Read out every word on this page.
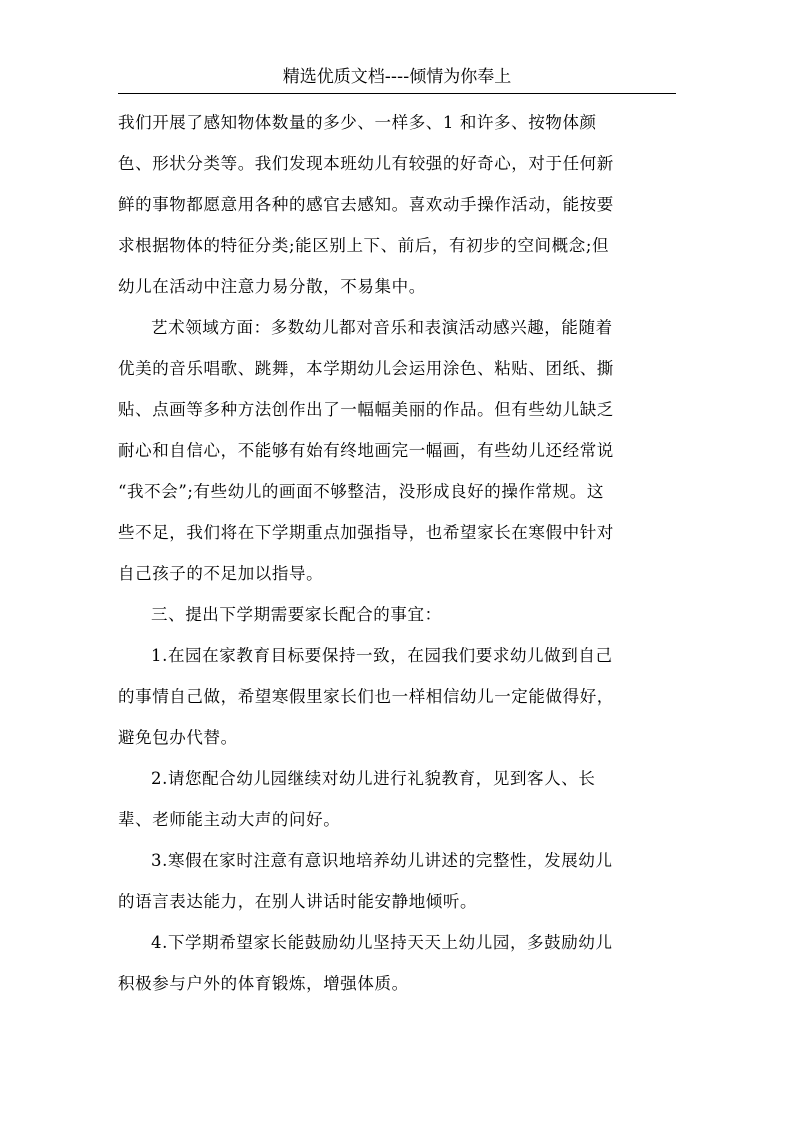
精选优质文档----倾情为你奉上
我们开展了感知物体数量的多少、一样多、1 和许多、按物体颜
色、形状分类等。我们发现本班幼儿有较强的好奇心，对于任何新
鲜的事物都愿意用各种的感官去感知。喜欢动手操作活动，能按要
求根据物体的特征分类;能区别上下、前后，有初步的空间概念;但
幼儿在活动中注意力易分散，不易集中。
艺术领域方面：多数幼儿都对音乐和表演活动感兴趣，能随着
优美的音乐唱歌、跳舞，本学期幼儿会运用涂色、粘贴、团纸、撕
贴、点画等多种方法创作出了一幅幅美丽的作品。但有些幼儿缺乏
耐心和自信心，不能够有始有终地画完一幅画，有些幼儿还经常说
“我不会”;有些幼儿的画面不够整洁，没形成良好的操作常规。这
些不足，我们将在下学期重点加强指导，也希望家长在寒假中针对
自己孩子的不足加以指导。
三、提出下学期需要家长配合的事宜：
1.在园在家教育目标要保持一致，在园我们要求幼儿做到自己
的事情自己做，希望寒假里家长们也一样相信幼儿一定能做得好，
避免包办代替。
2.请您配合幼儿园继续对幼儿进行礼貌教育，见到客人、长
辈、老师能主动大声的问好。
3.寒假在家时注意有意识地培养幼儿讲述的完整性，发展幼儿
的语言表达能力，在别人讲话时能安静地倾听。
4.下学期希望家长能鼓励幼儿坚持天天上幼儿园，多鼓励幼儿
积极参与户外的体育锻炼，增强体质。
